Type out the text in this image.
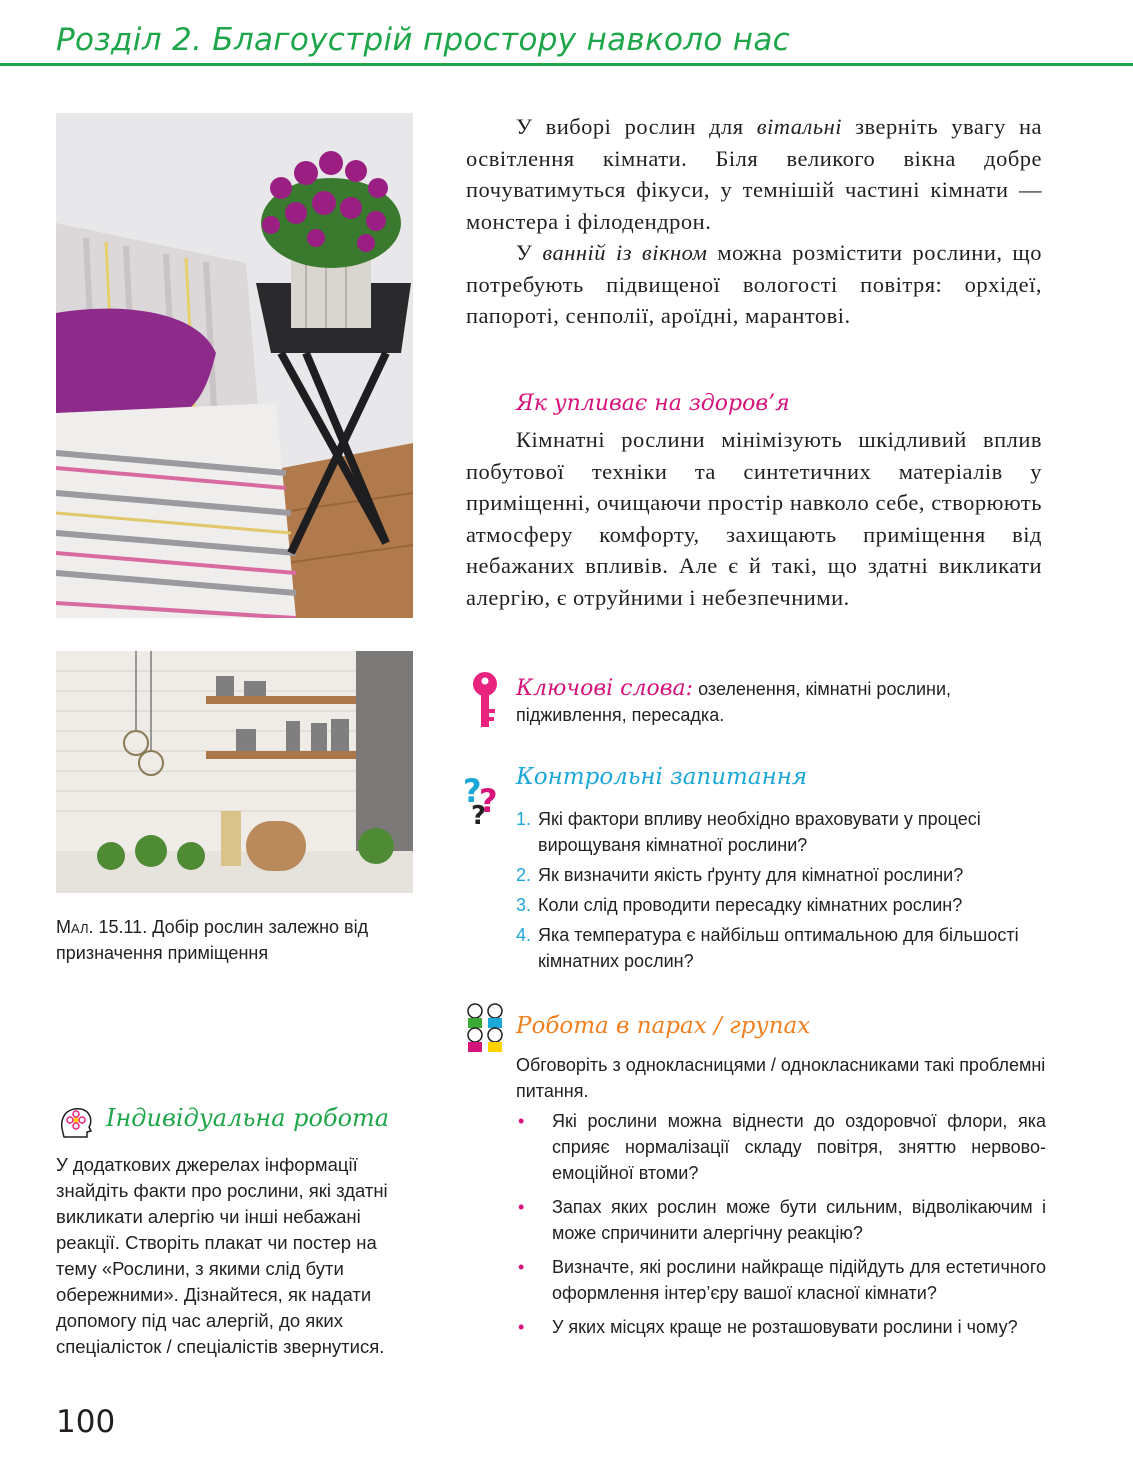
Розділ 2. Благоустрій простору навколо нас
Мал. 15.11. Добір рослин залежно від призначення приміщення

У виборі рослин для вітальні зверніть увагу на освітлення кімнати. Біля великого вікна добре почуватимуться фікуси, у темнішій частині кімнати — монстера і філодендрон.

У ванній із вікном можна розмістити рослини, що потребують підвищеної вологості повітря: орхідеї, папороті, сенполії, ароїдні, марантові.

Як упливає на здоров’я

Кімнатні рослини мінімізують шкідливий вплив побутової техніки та синтетичних матеріалів у приміщенні, очищаючи простір навколо себе, створюють атмосферу комфорту, захищають приміщення від небажаних впливів. Але є й такі, що здатні викликати алергію, є отруйними і небезпечними.

Ключові слова: озеленення, кімнатні рослини, підживлення, пересадка.
?
?
?
Контрольні запитання
1. Які фактори впливу необхідно враховувати у процесі вирощуваня кімнатної рослини?
2. Як визначити якість ґрунту для кімнатної рослини?
3. Коли слід проводити пересадку кімнатних рослин?
4. Яка температура є найбільш оптимальною для більшості кімнатних рослин?
Робота в парах / групах
Обговоріть з однокласницями / однокласниками такі проблемні питання.
•	Які рослини можна віднести до оздоровчої флори, яка сприяє нормалізації складу повітря, зняттю нервово-емоційної втоми?
•	Запах яких рослин може бути сильним, відволікаючим і може спричинити алергічну реакцію?
•	Визначте, які рослини найкраще підійдуть для естетичного оформлення інтер’єру вашої класної кімнати?
•	У яких місцях краще не розташовувати рослини і чому?
Індивідуальна робота
У додаткових джерелах інформації знайдіть факти про рослини, які здатні викликати алергію чи інші небажані реакції. Створіть плакат чи постер на тему «Рослини, з якими слід бути обережними». Дізнайтеся, як надати допомогу під час алергій, до яких спеціалісток / спеціалістів звернутися.
100
